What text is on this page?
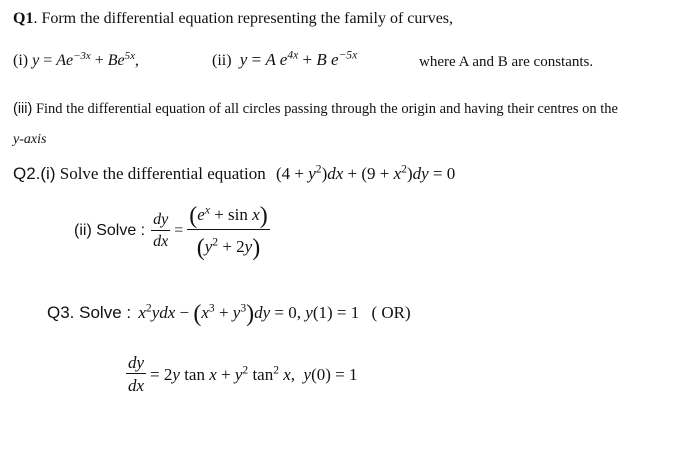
Q1. Form the differential equation representing the family of curves,
(i) $y = Ae^{-3x} + Be^{5x}$,	(ii) y = A $e^{4x} + B$ $e^{-5x}$	where A and B are constants.
(iii) Find the differential equation of all circles passing through the origin and having their centres on the
y-axis
Q2.(i) Solve the differential equation $(4 + y^2)dx + (9 + x^2)dy = 0$
(ii) Solve : $\frac{dy}{dx} = \frac{(e^x + \sin x)}{(y^2 + 2y)}$
Q3. Solve : $x^2ydx - (x^3 + y^3)dy = 0$, y(1) = 1 ( OR)
$\frac{dy}{dx} = 2y$ $\tan x + y^2$ $\tan^2 x$,  y(0) = 1
